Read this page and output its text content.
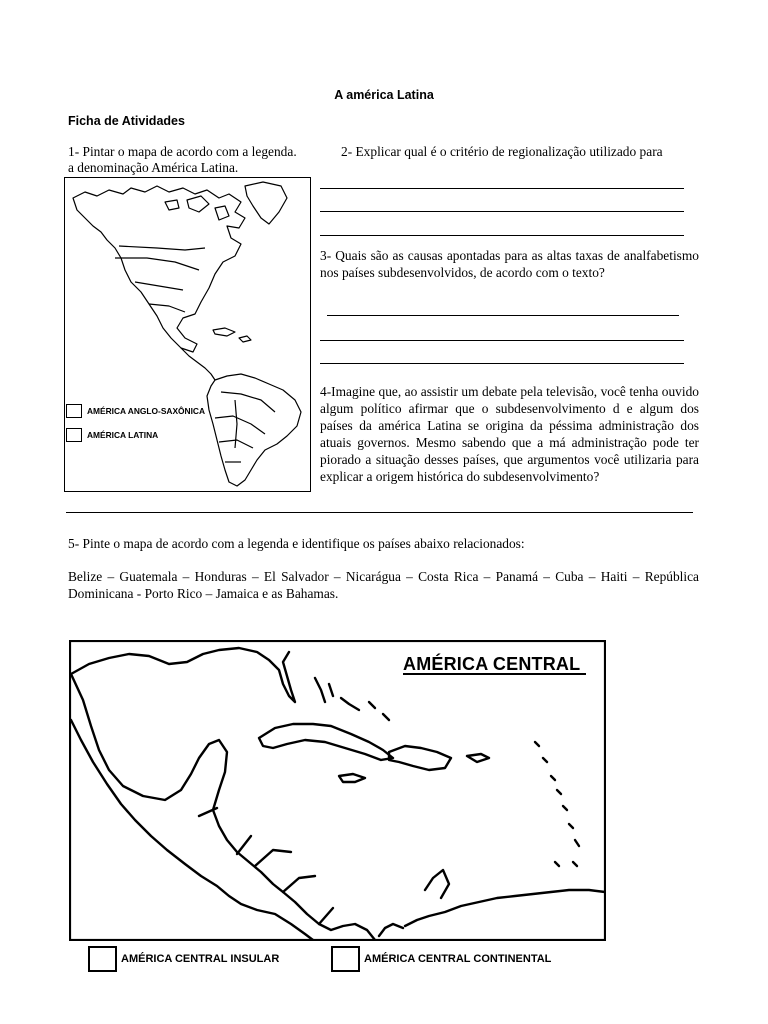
A américa Latina
Ficha de Atividades
1- Pintar o mapa de acordo com a legenda.
a denominação América Latina.
2- Explicar qual é o critério de regionalização utilizado para
3- Quais são as causas apontadas para as altas taxas de analfabetismo nos países subdesenvolvidos, de acordo com o texto?
4-Imagine que, ao assistir um debate pela televisão, você tenha ouvido algum político afirmar que o subdesenvolvimento d e algum dos países da américa Latina se origina da péssima administração dos atuais governos. Mesmo sabendo que a má administração pode ter piorado a situação desses países, que argumentos você utilizaria para explicar a origem histórica do subdesenvolvimento?
AMÉRICA ANGLO-SAXÔNICA
AMÉRICA LATINA
5- Pinte o mapa de acordo com a legenda e identifique os países abaixo relacionados:
Belize – Guatemala – Honduras – El Salvador – Nicarágua – Costa Rica – Panamá – Cuba – Haiti – República Dominicana - Porto Rico – Jamaica e as Bahamas.
AMÉRICA CENTRAL
AMÉRICA CENTRAL INSULAR	AMÉRICA CENTRAL CONTINENTAL
